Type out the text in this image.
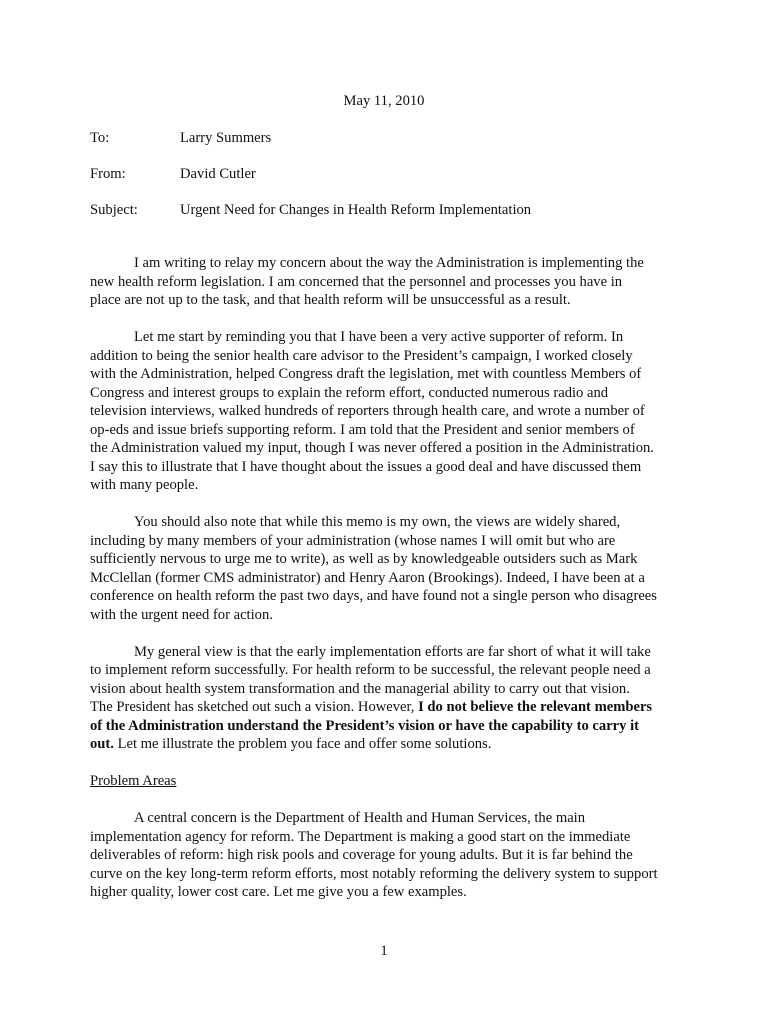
May 11, 2010
To:	Larry Summers
From:	David Cutler
Subject:	Urgent Need for Changes in Health Reform Implementation

I am writing to relay my concern about the way the Administration is implementing the
new health reform legislation. I am concerned that the personnel and processes you have in
place are not up to the task, and that health reform will be unsuccessful as a result.

Let me start by reminding you that I have been a very active supporter of reform. In
addition to being the senior health care advisor to the President’s campaign, I worked closely
with the Administration, helped Congress draft the legislation, met with countless Members of
Congress and interest groups to explain the reform effort, conducted numerous radio and
television interviews, walked hundreds of reporters through health care, and wrote a number of
op-eds and issue briefs supporting reform. I am told that the President and senior members of
the Administration valued my input, though I was never offered a position in the Administration.
I say this to illustrate that I have thought about the issues a good deal and have discussed them
with many people.

You should also note that while this memo is my own, the views are widely shared,
including by many members of your administration (whose names I will omit but who are
sufficiently nervous to urge me to write), as well as by knowledgeable outsiders such as Mark
McClellan (former CMS administrator) and Henry Aaron (Brookings). Indeed, I have been at a
conference on health reform the past two days, and have found not a single person who disagrees
with the urgent need for action.

My general view is that the early implementation efforts are far short of what it will take
to implement reform successfully. For health reform to be successful, the relevant people need a
vision about health system transformation and the managerial ability to carry out that vision.
The President has sketched out such a vision. However, I do not believe the relevant members
of the Administration understand the President’s vision or have the capability to carry it
out. Let me illustrate the problem you face and offer some solutions.

Problem Areas

A central concern is the Department of Health and Human Services, the main
implementation agency for reform. The Department is making a good start on the immediate
deliverables of reform: high risk pools and coverage for young adults. But it is far behind the
curve on the key long-term reform efforts, most notably reforming the delivery system to support
higher quality, lower cost care. Let me give you a few examples.

1
